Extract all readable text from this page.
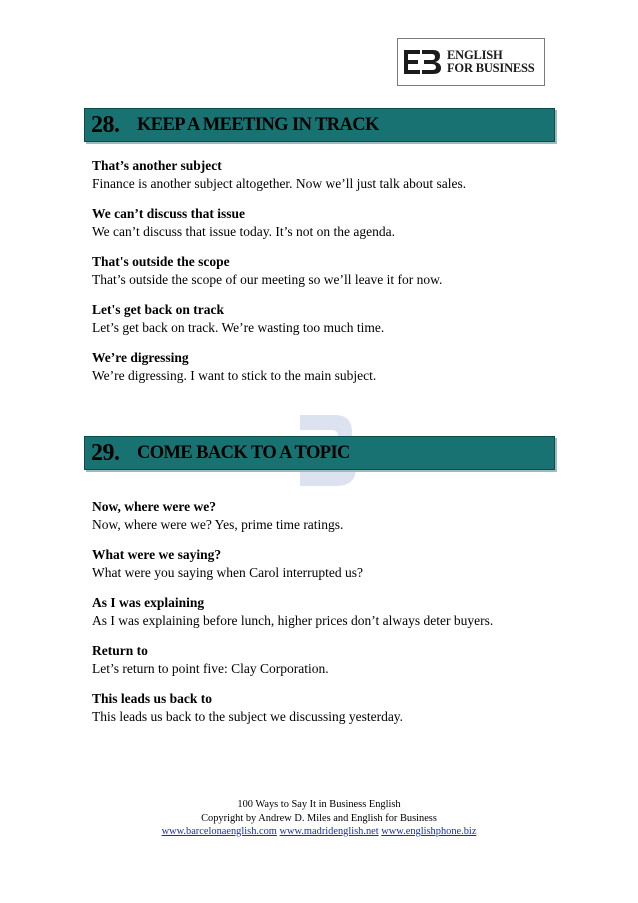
ENGLISH
FOR BUSINESS
28. KEEP A MEETING IN TRACK
That’s another subject
Finance is another subject altogether. Now we’ll just talk about sales.
We can’t discuss that issue
We can’t discuss that issue today. It’s not on the agenda.
That's outside the scope
That’s outside the scope of our meeting so we’ll leave it for now.
Let's get back on track
Let’s get back on track. We’re wasting too much time.
We’re digressing
We’re digressing. I want to stick to the main subject.
29. COME BACK TO A TOPIC
Now, where were we?
Now, where were we? Yes, prime time ratings.
What were we saying?
What were you saying when Carol interrupted us?
As I was explaining
As I was explaining before lunch, higher prices don’t always deter buyers.
Return to
Let’s return to point five: Clay Corporation.
This leads us back to
This leads us back to the subject we discussing yesterday.
100 Ways to Say It in Business English
Copyright by Andrew D. Miles and English for Business
www.barcelonaenglish.com www.madridenglish.net www.englishphone.biz
